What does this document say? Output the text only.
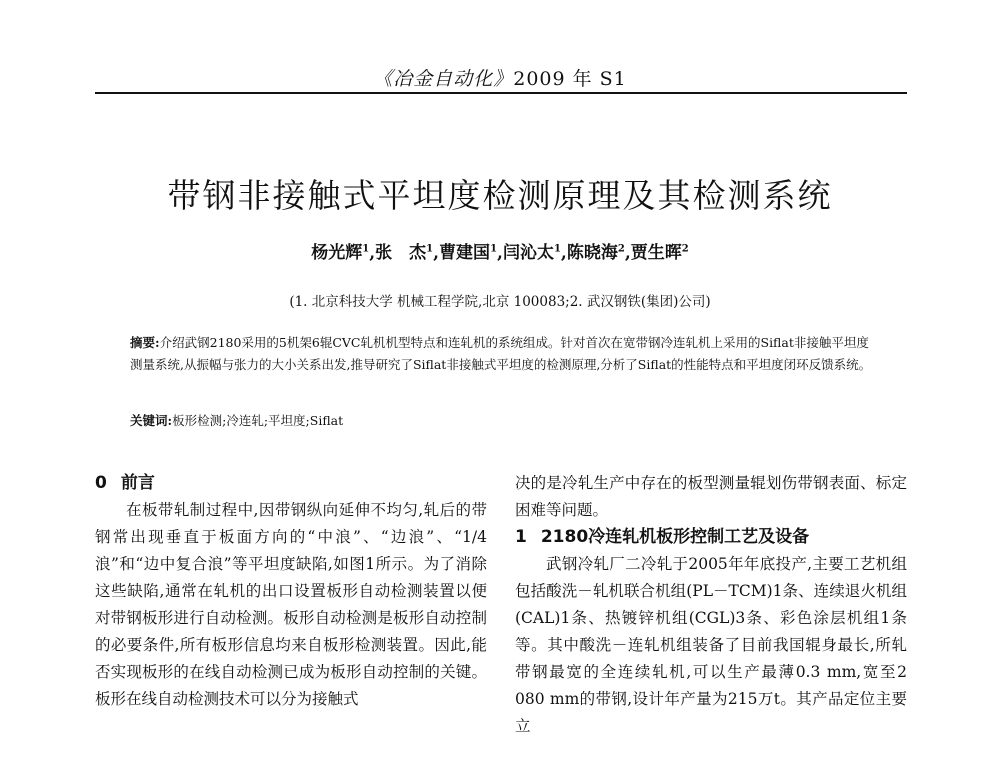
《冶金自动化》2009 年 S1
带钢非接触式平坦度检测原理及其检测系统
杨光辉$^1$,张　杰$^1$,曹建国$^1$,闫沁太$^1$,陈晓海$^2$,贾生晖$^2$
(1. 北京科技大学 机械工程学院,北京 100083;2. 武汉钢铁(集团)公司)
摘要:介绍武钢2180采用的5机架6辊CVC轧机机型特点和连轧机的系统组成。针对首次在宽带钢冷连轧机上采用的Siflat非接触平坦度测量系统,从振幅与张力的大小关系出发,推导研究了Siflat非接触式平坦度的检测原理,分析了Siflat的性能特点和平坦度闭环反馈系统。
关键词:板形检测;冷连轧;平坦度;Siflat
0 前言

在板带轧制过程中,因带钢纵向延伸不均匀,轧后的带钢常出现垂直于板面方向的“中浪”、“边浪”、“1/4浪”和“边中复合浪”等平坦度缺陷,如图1所示。为了消除这些缺陷,通常在轧机的出口设置板形自动检测装置以便对带钢板形进行自动检测。板形自动检测是板形自动控制的必要条件,所有板形信息均来自板形检测装置。因此,能否实现板形的在线自动检测已成为板形自动控制的关键。板形在线自动检测技术可以分为接触式

决的是冷轧生产中存在的板型测量辊划伤带钢表面、标定困难等问题。

1 2180冷连轧机板形控制工艺及设备

武钢冷轧厂二冷轧于2005年年底投产,主要工艺机组包括酸洗－轧机联合机组(PL－TCM)1条、连续退火机组(CAL)1条、热镀锌机组(CGL)3条、彩色涂层机组1条等。其中酸洗－连轧机组装备了目前我国辊身最长,所轧带钢最宽的全连续轧机,可以生产最薄0.3 mm,宽至2 080 mm的带钢,设计年产量为215万t。其产品定位主要立
